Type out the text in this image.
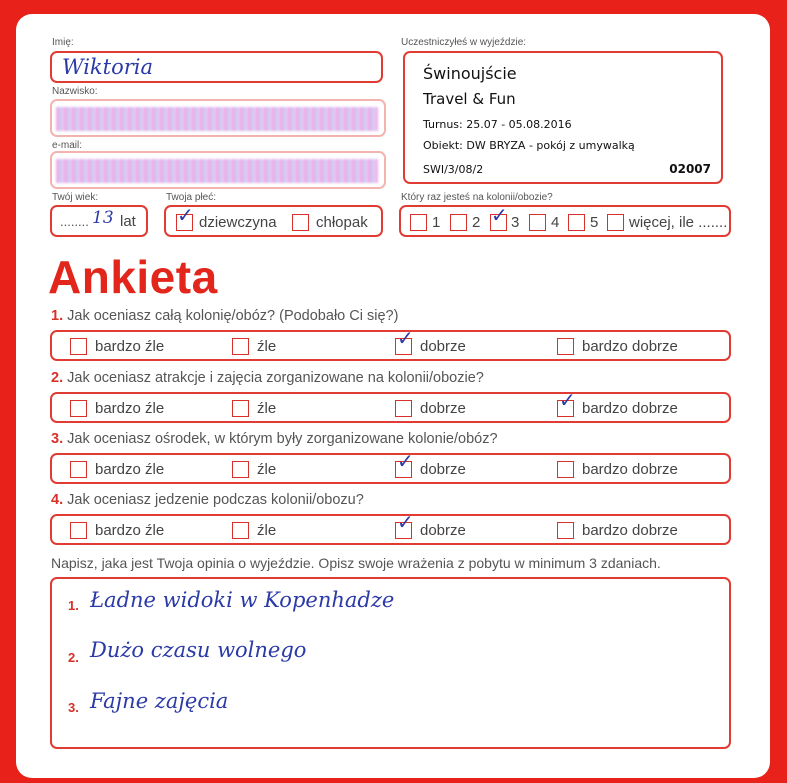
Imię:
Wiktoria
Nazwisko:
e-mail:
Twój wiek:
........ 13 lat
Twoja płeć:
✓ dziewczyna	chłopak
Uczestniczyłeś w wyjeździe:
Świnoujście
Travel & Fun
Turnus: 25.07 - 05.08.2016
Obiekt: DW BRYZA - pokój z umywalką
SWI/3/08/2	02007
Który raz jesteś na kolonii/obozie?
1 2 ✓ 3 4 5 więcej, ile .......
Ankieta
1. Jak oceniasz całą kolonię/obóz? (Podobało Ci się?)
bardzo źle	źle	✓ dobrze	bardzo dobrze
2. Jak oceniasz atrakcje i zajęcia zorganizowane na kolonii/obozie?
bardzo źle	źle	dobrze	✓ bardzo dobrze
3. Jak oceniasz ośrodek, w którym były zorganizowane kolonie/obóz?
bardzo źle	źle	✓ dobrze	bardzo dobrze
4. Jak oceniasz jedzenie podczas kolonii/obozu?
bardzo źle	źle	✓ dobrze	bardzo dobrze
Napisz, jaka jest Twoja opinia o wyjeździe. Opisz swoje wrażenia z pobytu w minimum 3 zdaniach.
1. Ładne widoki w Kopenhadze
2. Dużo czasu wolnego
3. Fajne zajęcia
